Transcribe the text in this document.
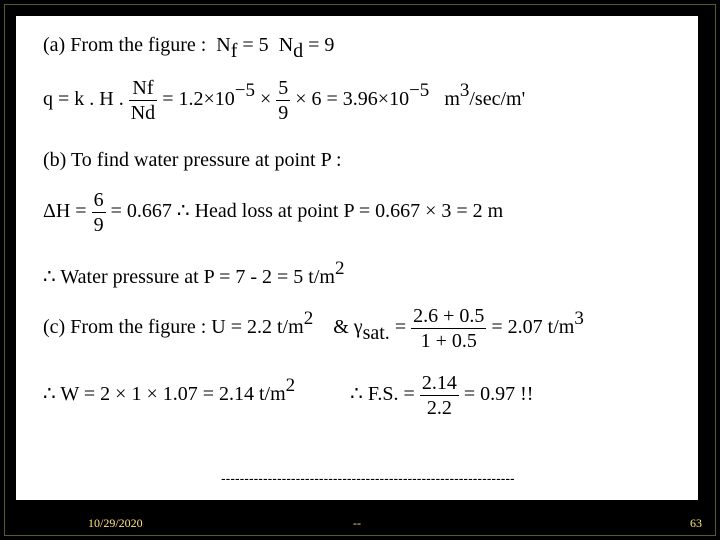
(a) From the figure : Nf = 5 Nd = 9
q = k . H . $\frac{Nf}{Nd} = 1.2\times 10-5 \times \frac{5}{9} \times 6 = 3.96\times 10-5$ m3/sec/m'
(b) To find water pressure at point P :
$\Delta H = \frac{6}{9} = 0.667$ ∴ Head loss at point P = 0.667 × 3 = 2 m
∴ Water pressure at P = 7 - 2 = 5 t/m2
(c) From the figure : U = 2.2 t/m2 & γsat. = $\frac{2.6 + 0.5}{1 + 0.5} = 2.07$ t/m3
∴ W = 2 × 1 × 1.07 = 2.14 t/m2	∴ F.S. = $\frac{2.14}{2.2} = 0.97$ !!
---------------------------------------------------------------
10/29/2020	--	63
